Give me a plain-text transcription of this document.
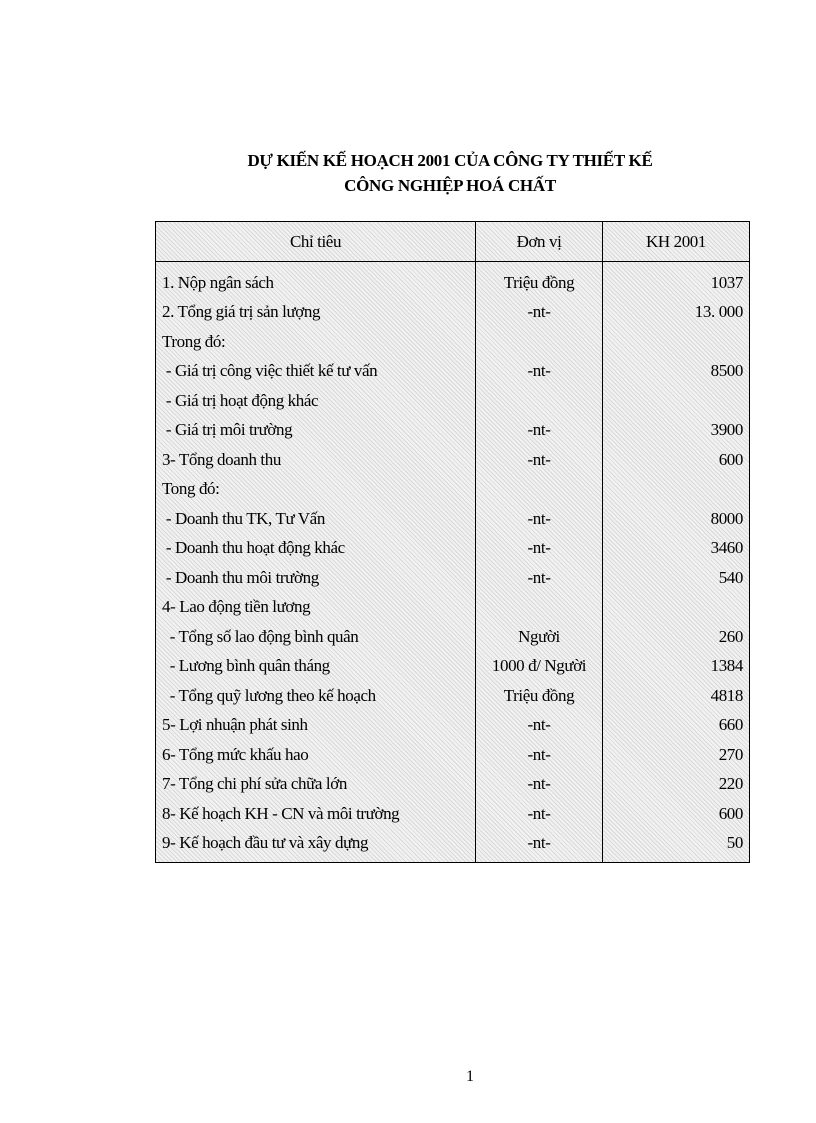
DỰ KIẾN KẾ HOẠCH 2001 CỦA CÔNG TY THIẾT KẾ
CÔNG NGHIỆP HOÁ CHẤT
Chỉ tiêu	Đơn vị	KH 2001
1. Nộp ngân sách	Triệu đồng	1037
2. Tổng giá trị sản lượng	-nt-	13. 000
Trong đó:		
- Giá trị công việc thiết kế tư vấn	-nt-	8500
- Giá trị hoạt động khác		
- Giá trị môi trường	-nt-	3900
3- Tổng doanh thu	-nt-	600
Tong đó:		
- Doanh thu TK, Tư Vấn	-nt-	8000
- Doanh thu hoạt động khác	-nt-	3460
- Doanh thu môi trường	-nt-	540
4- Lao động tiền lương		
- Tổng số lao động bình quân	Người	260
- Lương bình quân tháng	1000 đ/ Người	1384
- Tổng quỹ lương theo kế hoạch	Triệu đồng	4818
5- Lợi nhuận phát sinh	-nt-	660
6- Tổng mức khấu hao	-nt-	270
7- Tổng chi phí sửa chữa lớn	-nt-	220
8- Kế hoạch KH - CN và môi trường	-nt-	600
9- Kế hoạch đầu tư và xây dựng	-nt-	50
1
